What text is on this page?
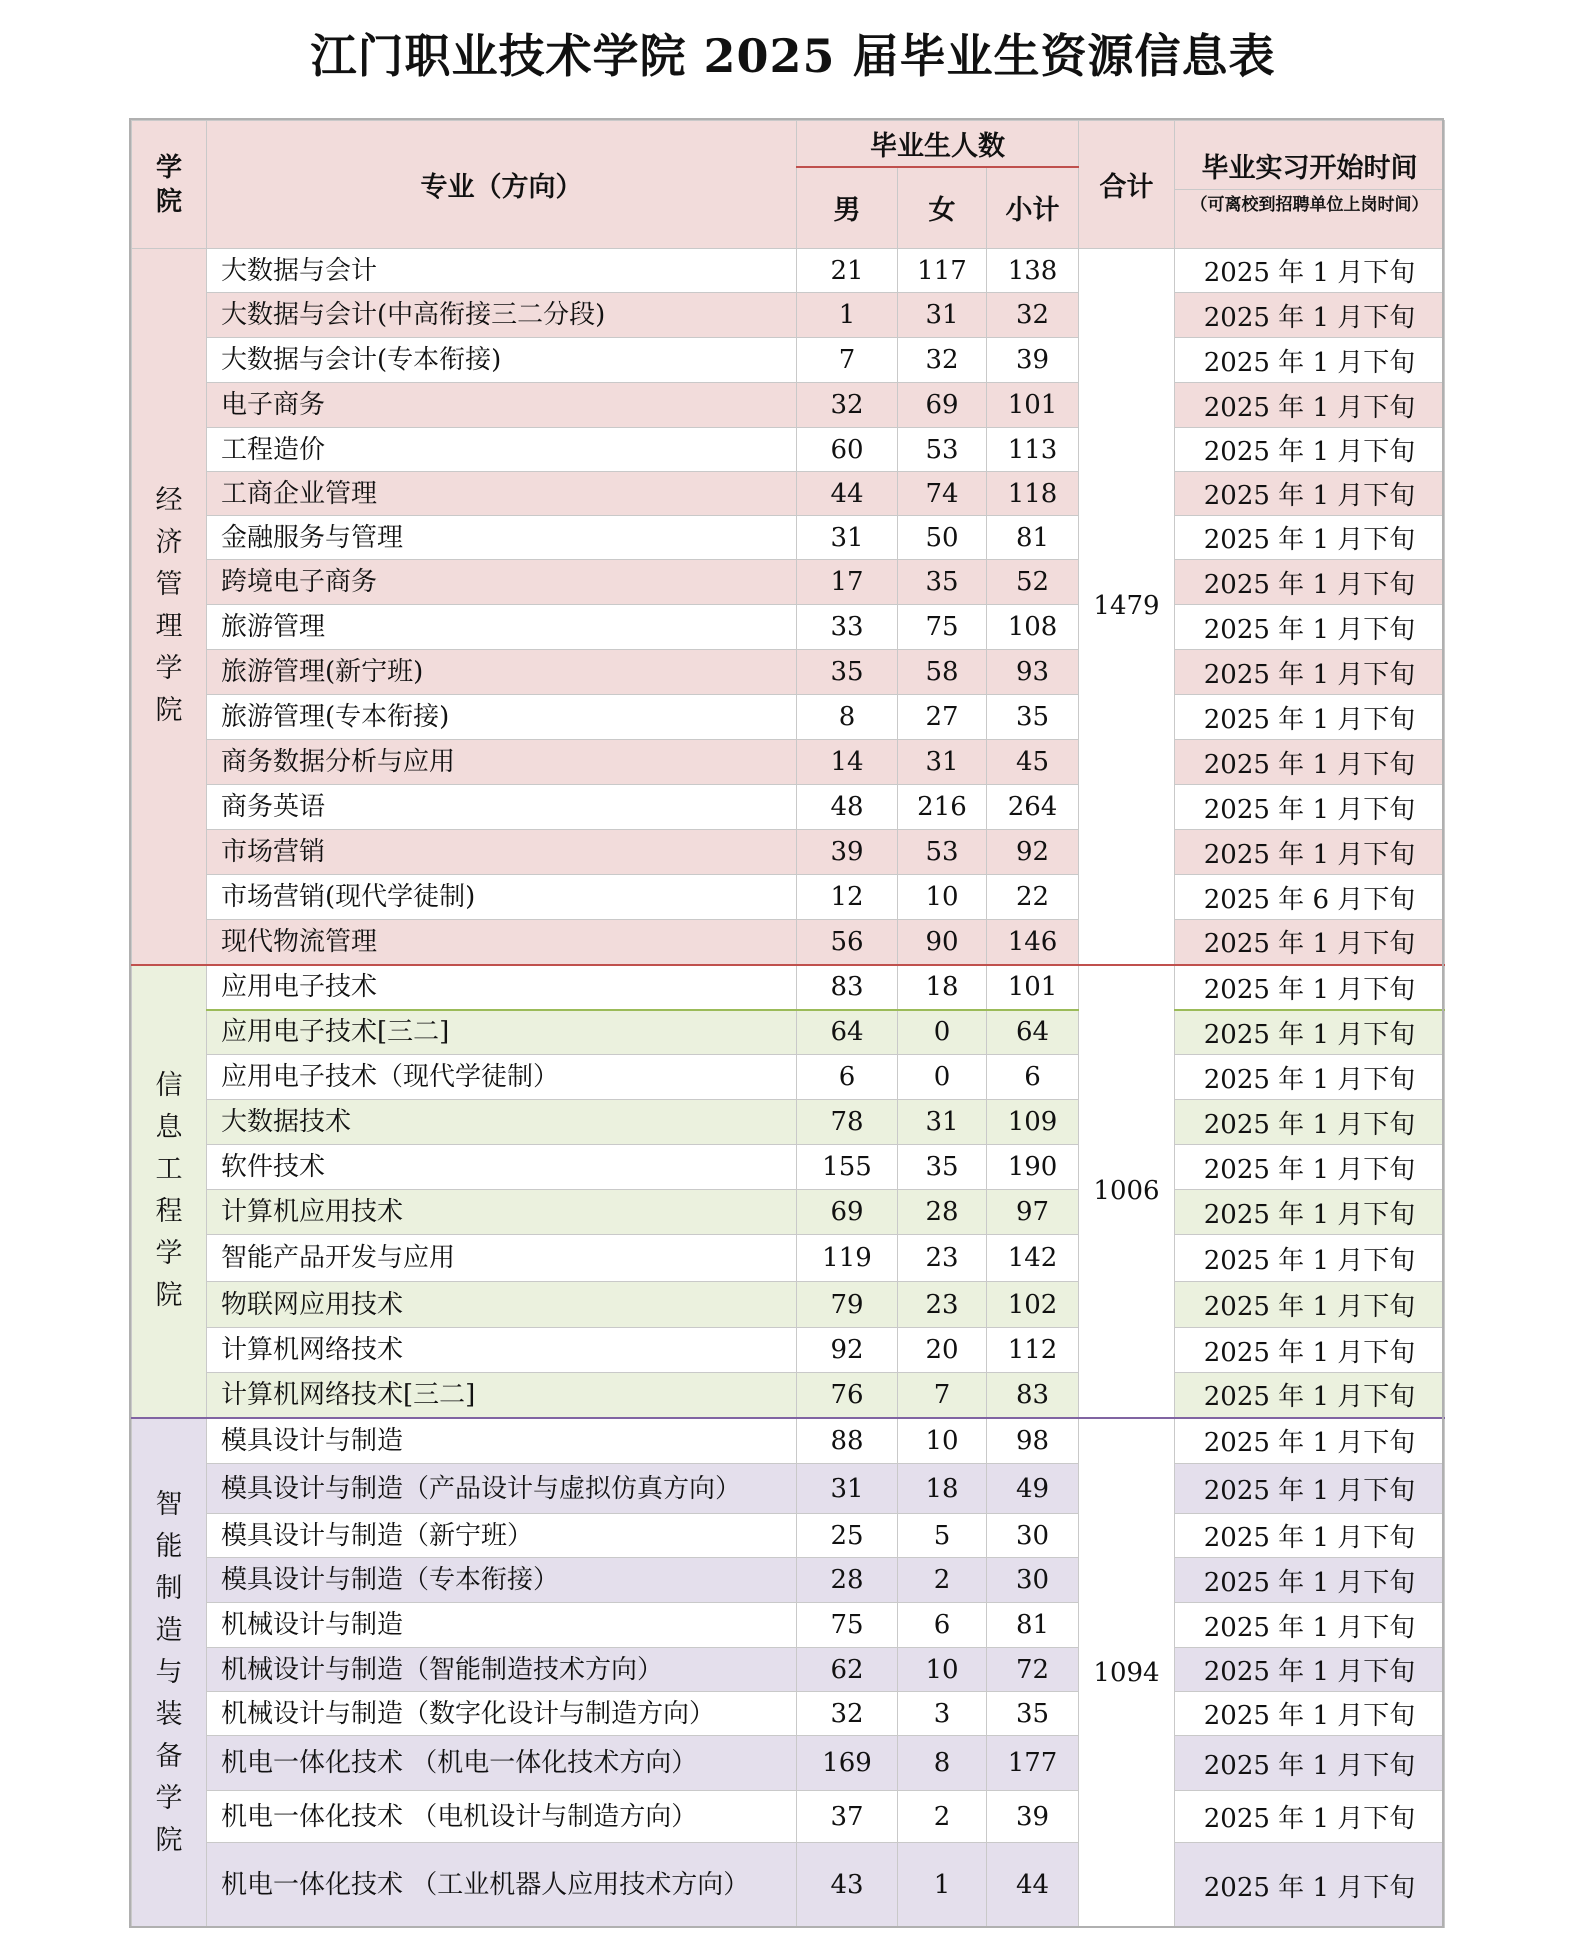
江门职业技术学院 2025 届毕业生资源信息表
学院	专业（方向）	毕业生人数			合计	毕业实习开始时间
（可离校到招聘单位上岗时间）

		男	女	小计		
经济管理学院	大数据与会计	21	117	138	1479	2025 年 1 月下旬
	大数据与会计(中高衔接三二分段)	1	31	32		2025 年 1 月下旬
	大数据与会计(专本衔接)	7	32	39		2025 年 1 月下旬
	电子商务	32	69	101		2025 年 1 月下旬
	工程造价	60	53	113		2025 年 1 月下旬
	工商企业管理	44	74	118		2025 年 1 月下旬
	金融服务与管理	31	50	81		2025 年 1 月下旬
	跨境电子商务	17	35	52		2025 年 1 月下旬
	旅游管理	33	75	108		2025 年 1 月下旬
	旅游管理(新宁班)	35	58	93		2025 年 1 月下旬
	旅游管理(专本衔接)	8	27	35		2025 年 1 月下旬
	商务数据分析与应用	14	31	45		2025 年 1 月下旬
	商务英语	48	216	264		2025 年 1 月下旬
	市场营销	39	53	92		2025 年 1 月下旬
	市场营销(现代学徒制)	12	10	22		2025 年 6 月下旬
	现代物流管理	56	90	146		2025 年 1 月下旬
信息工程学院	应用电子技术	83	18	101	1006	2025 年 1 月下旬
	应用电子技术[三二]	64	0	64		2025 年 1 月下旬
	应用电子技术（现代学徒制）	6	0	6		2025 年 1 月下旬
	大数据技术	78	31	109		2025 年 1 月下旬
	软件技术	155	35	190		2025 年 1 月下旬
	计算机应用技术	69	28	97		2025 年 1 月下旬
	智能产品开发与应用	119	23	142		2025 年 1 月下旬
	物联网应用技术	79	23	102		2025 年 1 月下旬
	计算机网络技术	92	20	112		2025 年 1 月下旬
	计算机网络技术[三二]	76	7	83		2025 年 1 月下旬
智能制造与装备学院	模具设计与制造	88	10	98	1094	2025 年 1 月下旬
	模具设计与制造（产品设计与虚拟仿真方向）	31	18	49		2025 年 1 月下旬
	模具设计与制造（新宁班）	25	5	30		2025 年 1 月下旬
	模具设计与制造（专本衔接）	28	2	30		2025 年 1 月下旬
	机械设计与制造	75	6	81		2025 年 1 月下旬
	机械设计与制造（智能制造技术方向）	62	10	72		2025 年 1 月下旬
	机械设计与制造（数字化设计与制造方向）	32	3	35		2025 年 1 月下旬
	机电一体化技术 （机电一体化技术方向）	169	8	177		2025 年 1 月下旬
	机电一体化技术 （电机设计与制造方向）	37	2	39		2025 年 1 月下旬
	机电一体化技术 （工业机器人应用技术方向）	43	1	44		2025 年 1 月下旬
